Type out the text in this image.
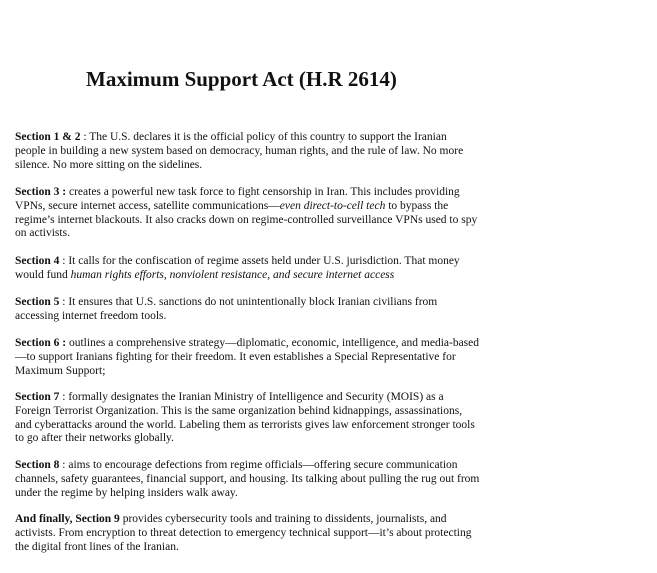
Maximum Support Act (H.R 2614)

Section 1 & 2 : The U.S. declares it is the official policy of this country to support the Iranian people in building a new system based on democracy, human rights, and the rule of law. No more silence. No more sitting on the sidelines.

Section 3 : creates a powerful new task force to fight censorship in Iran. This includes providing VPNs, secure internet access, satellite communications—even direct-to-cell tech to bypass the regime’s internet blackouts. It also cracks down on regime-controlled surveillance VPNs used to spy on activists.

Section 4 : It calls for the confiscation of regime assets held under U.S. jurisdiction. That money would fund human rights efforts, nonviolent resistance, and secure internet access

Section 5 : It ensures that U.S. sanctions do not unintentionally block Iranian civilians from accessing internet freedom tools.

Section 6 : outlines a comprehensive strategy—diplomatic, economic, intelligence, and media-based—to support Iranians fighting for their freedom. It even establishes a Special Representative for Maximum Support;

Section 7 : formally designates the Iranian Ministry of Intelligence and Security (MOIS) as a Foreign Terrorist Organization. This is the same organization behind kidnappings, assassinations, and cyberattacks around the world. Labeling them as terrorists gives law enforcement stronger tools to go after their networks globally.

Section 8 : aims to encourage defections from regime officials—offering secure communication channels, safety guarantees, financial support, and housing. Its talking about pulling the rug out from under the regime by helping insiders walk away.

And finally, Section 9 provides cybersecurity tools and training to dissidents, journalists, and activists. From encryption to threat detection to emergency technical support—it’s about protecting the digital front lines of the Iranian.
